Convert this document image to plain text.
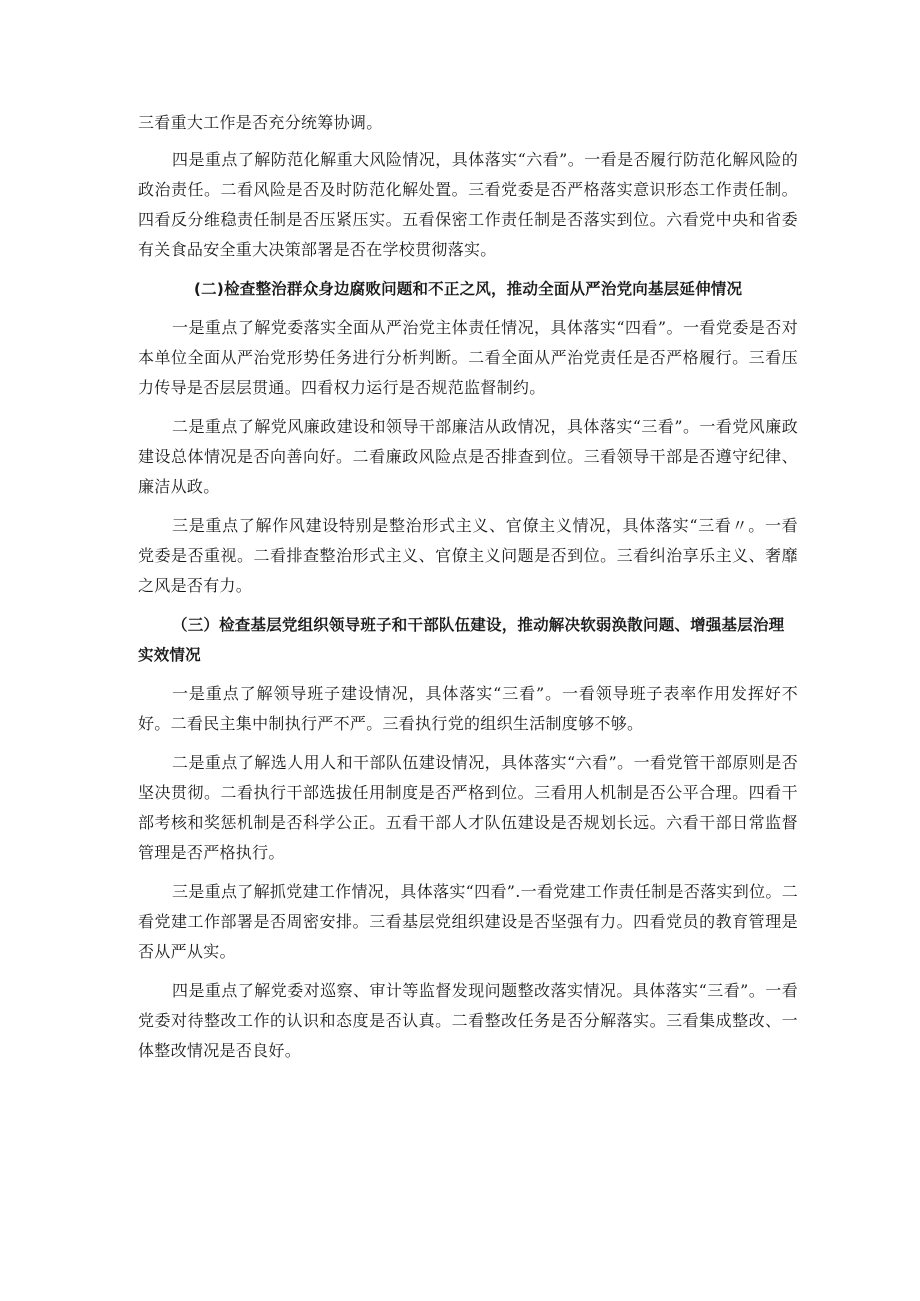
三看重大工作是否充分统筹协调。

四是重点了解防范化解重大风险情况，具体落实“六看”。一看是否履行防范化解风险的政治责任。二看风险是否及时防范化解处置。三看党委是否严格落实意识形态工作责任制。四看反分维稳责任制是否压紧压实。五看保密工作责任制是否落实到位。六看党中央和省委有关食品安全重大决策部署是否在学校贯彻落实。

(二)检查整治群众身边腐败问题和不正之风，推动全面从严治党向基层延伸情况

一是重点了解党委落实全面从严治党主体责任情况，具体落实“四看”。一看党委是否对本单位全面从严治党形势任务进行分析判断。二看全面从严治党责任是否严格履行。三看压力传导是否层层贯通。四看权力运行是否规范监督制约。

二是重点了解党风廉政建设和领导干部廉洁从政情况，具体落实“三看”。一看党风廉政建设总体情况是否向善向好。二看廉政风险点是否排查到位。三看领导干部是否遵守纪律、廉洁从政。

三是重点了解作风建设特别是整治形式主义、官僚主义情况，具体落实“三看〃。一看党委是否重视。二看排查整治形式主义、官僚主义问题是否到位。三看纠治享乐主义、奢靡之风是否有力。

（三）检查基层党组织领导班子和干部队伍建设，推动解决软弱涣散问题、增强基层治理实效情况

一是重点了解领导班子建设情况，具体落实“三看”。一看领导班子表率作用发挥好不好。二看民主集中制执行严不严。三看执行党的组织生活制度够不够。

二是重点了解选人用人和干部队伍建设情况，具体落实“六看”。一看党管干部原则是否坚决贯彻。二看执行干部选拔任用制度是否严格到位。三看用人机制是否公平合理。四看干部考核和奖惩机制是否科学公正。五看干部人才队伍建设是否规划长远。六看干部日常监督管理是否严格执行。

三是重点了解抓党建工作情况，具体落实“四看”.一看党建工作责任制是否落实到位。二看党建工作部署是否周密安排。三看基层党组织建设是否坚强有力。四看党员的教育管理是否从严从实。

四是重点了解党委对巡察、审计等监督发现问题整改落实情况。具体落实“三看”。一看党委对待整改工作的认识和态度是否认真。二看整改任务是否分解落实。三看集成整改、一体整改情况是否良好。
